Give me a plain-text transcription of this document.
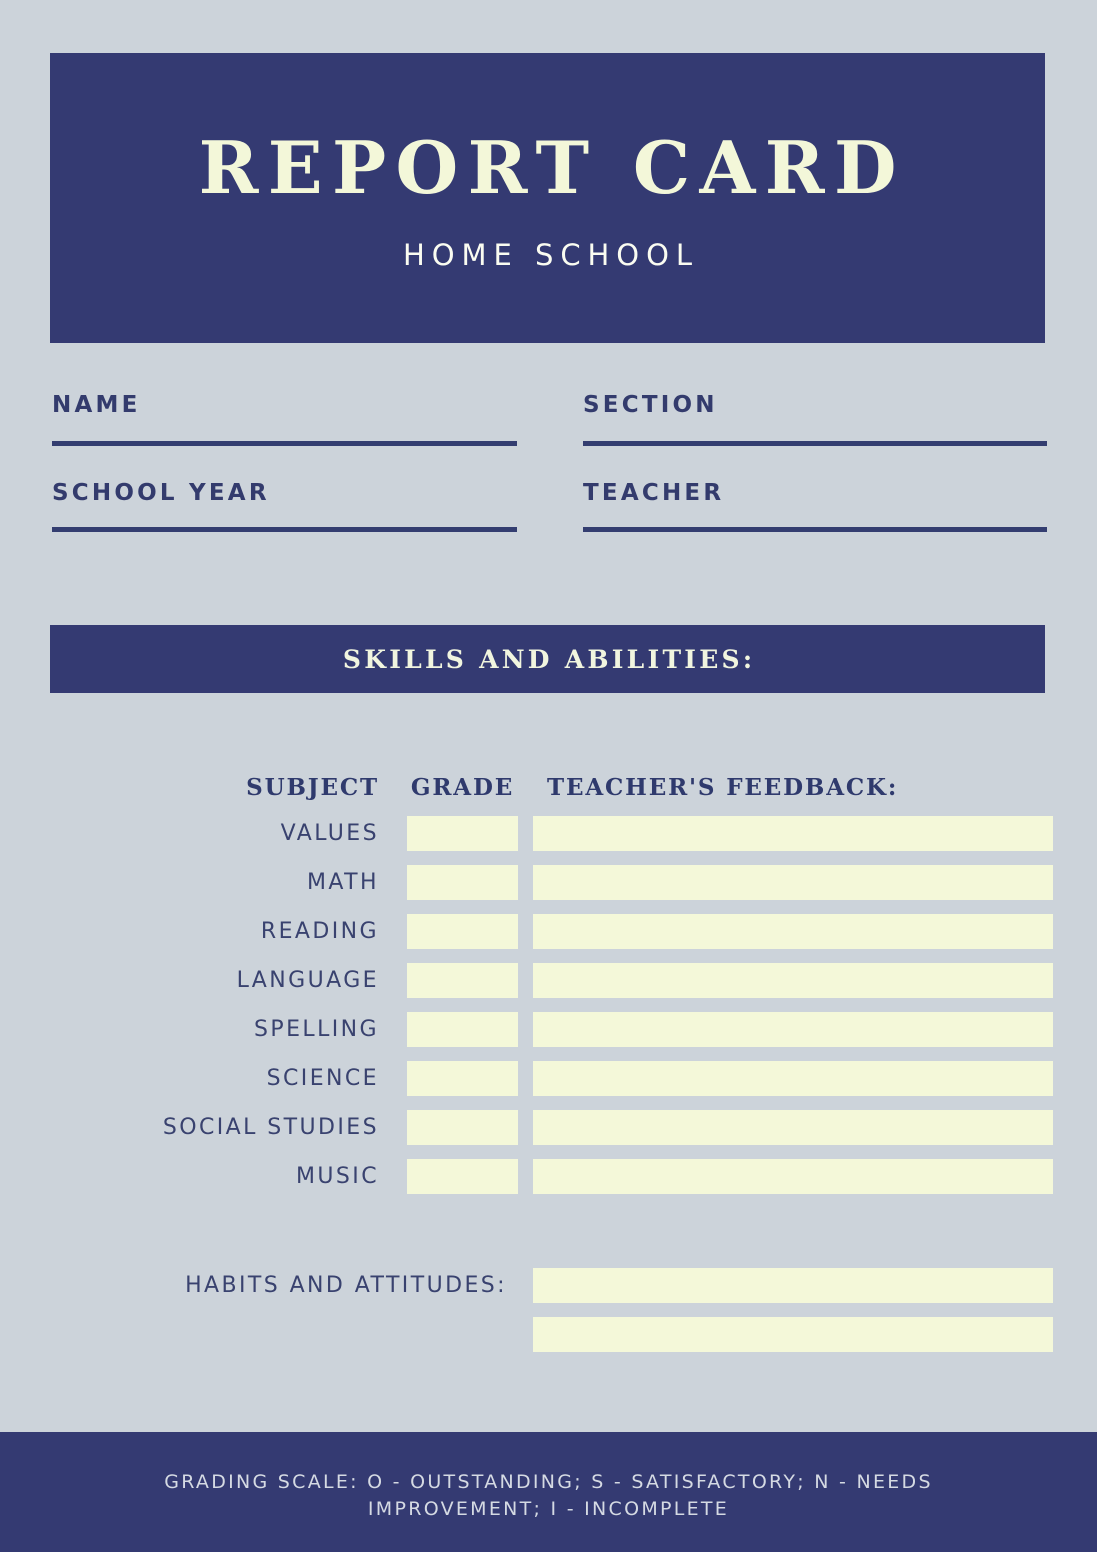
REPORT CARD
HOME SCHOOL
NAME	SECTION
SCHOOL YEAR	TEACHER
SKILLS AND ABILITIES:
SUBJECT GRADE TEACHER'S FEEDBACK:
VALUES
MATH
READING
LANGUAGE
SPELLING
SCIENCE
SOCIAL STUDIES
MUSIC
HABITS AND ATTITUDES:
GRADING SCALE: O - OUTSTANDING; S - SATISFACTORY; N - NEEDS
IMPROVEMENT; I - INCOMPLETE
